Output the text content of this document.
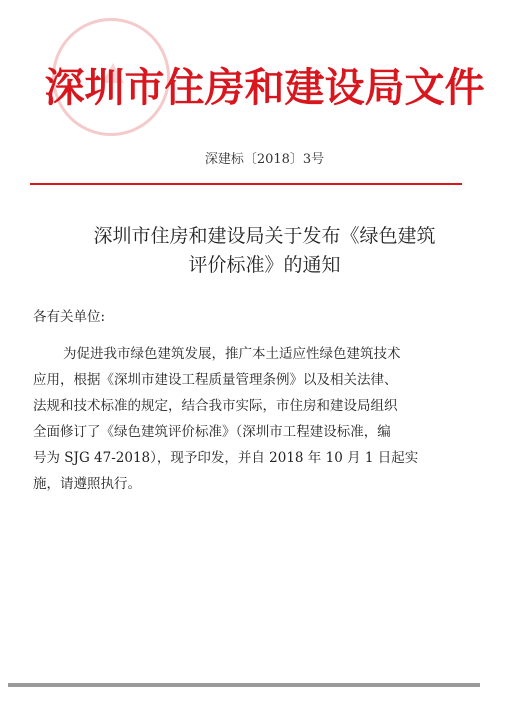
深圳市住房和建设局文件
深建标〔2018〕3号
深圳市住房和建设局关于发布《绿色建筑
评价标准》的通知
各有关单位:
为促进我市绿色建筑发展，推广本土适应性绿色建筑技术
应用，根据《深圳市建设工程质量管理条例》以及相关法律、
法规和技术标准的规定，结合我市实际，市住房和建设局组织
全面修订了《绿色建筑评价标准》（深圳市工程建设标准，编
号为 SJG 47-2018），现予印发，并自 2018 年 10 月 1 日起实
施，请遵照执行。
